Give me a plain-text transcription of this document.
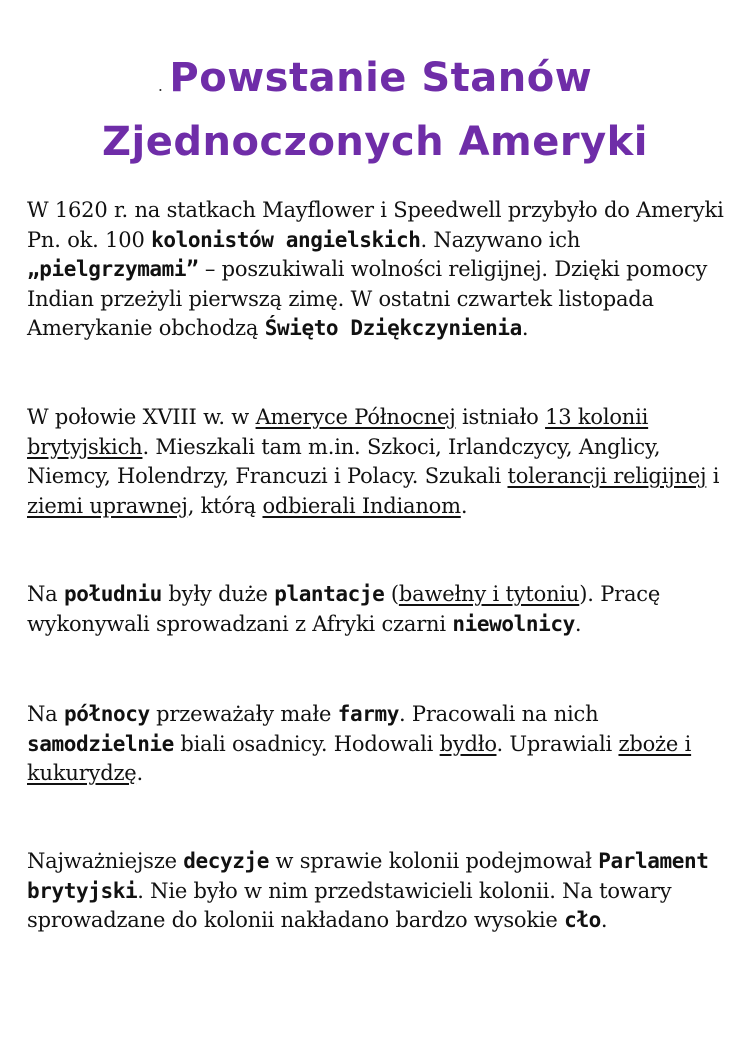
. Powstanie Stanów
Zjednoczonych Ameryki

W 1620 r. na statkach Mayflower i Speedwell przybyło do Ameryki Pn. ok. 100 kolonistów angielskich. Nazywano ich „pielgrzymami” – poszukiwali wolności religijnej. Dzięki pomocy Indian przeżyli pierwszą zimę. W ostatni czwartek listopada Amerykanie obchodzą Święto Dziękczynienia.

W połowie XVIII w. w Ameryce Północnej istniało 13 kolonii brytyjskich. Mieszkali tam m.in. Szkoci, Irlandczycy, Anglicy, Niemcy, Holendrzy, Francuzi i Polacy. Szukali tolerancji religijnej i ziemi uprawnej, którą odbierali Indianom.

Na południu były duże plantacje (bawełny i tytoniu). Pracę wykonywali sprowadzani z Afryki czarni niewolnicy.

Na północy przeważały małe farmy. Pracowali na nich samodzielnie biali osadnicy. Hodowali bydło. Uprawiali zboże i kukurydzę.

Najważniejsze decyzje w sprawie kolonii podejmował Parlament brytyjski. Nie było w nim przedstawicieli kolonii. Na towary sprowadzane do kolonii nakładano bardzo wysokie cło.
